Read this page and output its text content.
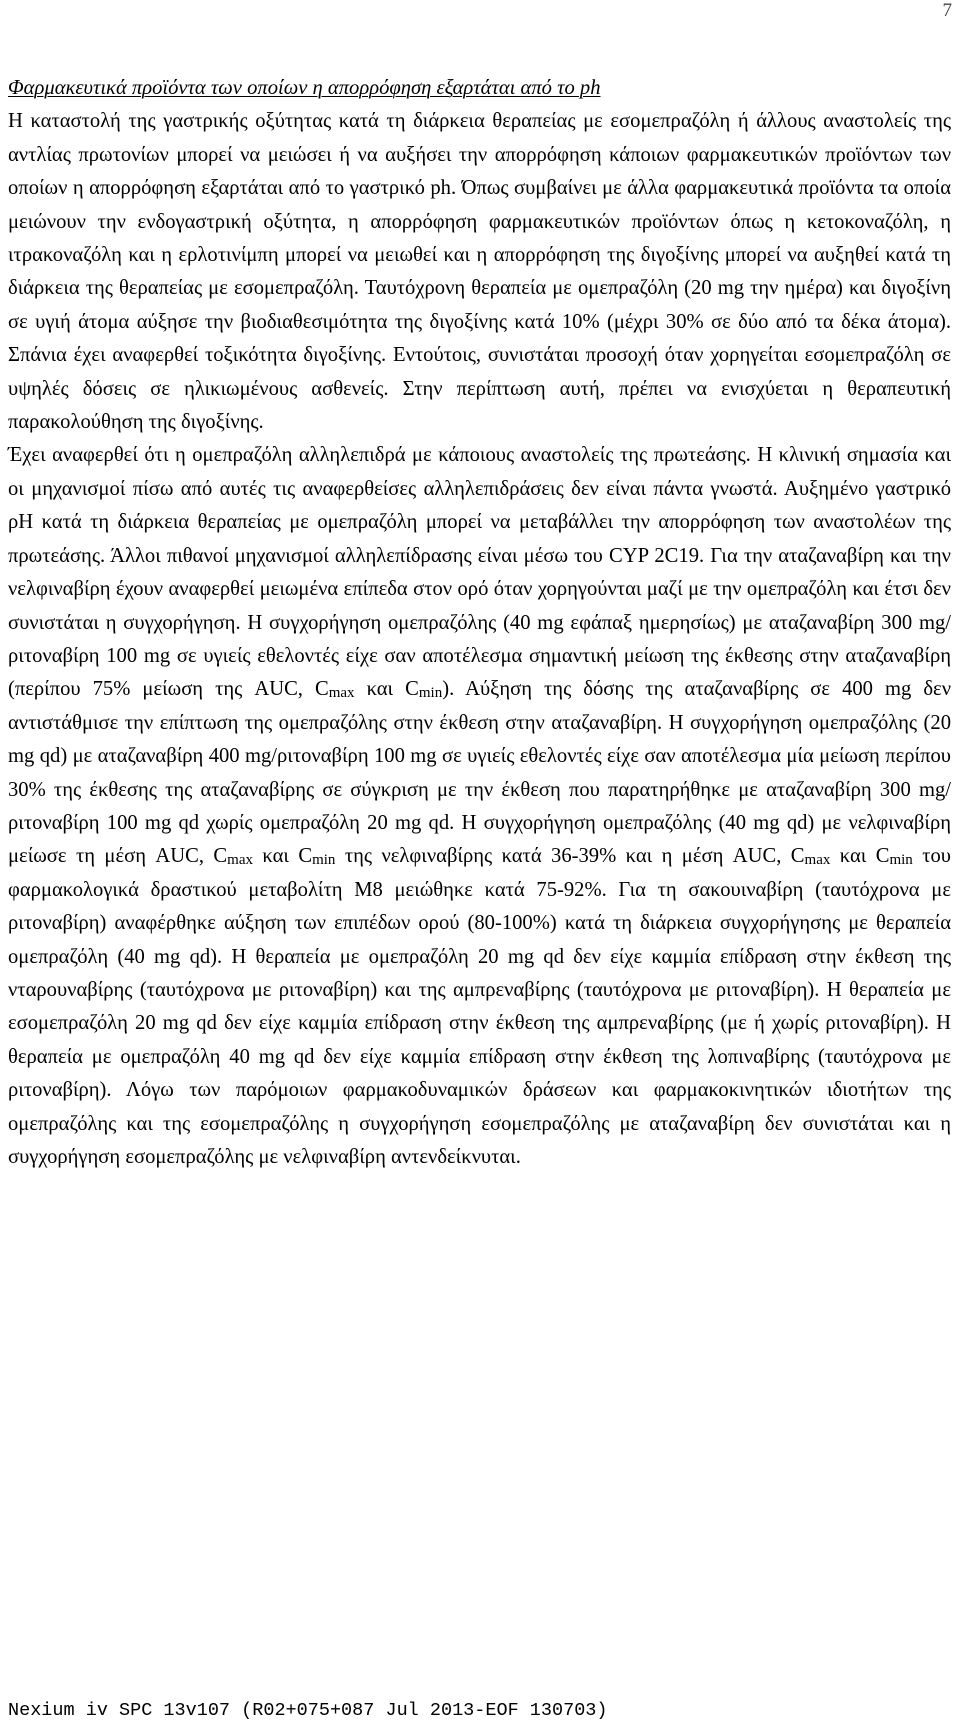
7

Φαρμακευτικά προϊόντα των οποίων η απορρόφηση εξαρτάται από το ph

Η καταστολή της γαστρικής οξύτητας κατά τη διάρκεια θεραπείας με εσομεπραζόλη ή άλλους αναστολείς της αντλίας πρωτονίων μπορεί να μειώσει ή να αυξήσει την απορρόφηση κάποιων φαρμακευτικών προϊόντων των οποίων η απορρόφηση εξαρτάται από το γαστρικό ph. Όπως συμβαίνει με άλλα φαρμακευτικά προϊόντα τα οποία μειώνουν την ενδογαστρική οξύτητα, η απορρόφηση φαρμακευτικών προϊόντων όπως η κετοκοναζόλη, η ιτρακοναζόλη και η ερλοτινίμπη μπορεί να μειωθεί και η απορρόφηση της διγοξίνης μπορεί να αυξηθεί κατά τη διάρκεια της θεραπείας με εσομεπραζόλη. Ταυτόχρονη θεραπεία με ομεπραζόλη (20 mg την ημέρα) και διγοξίνη σε υγιή άτομα αύξησε την βιοδιαθεσιμότητα της διγοξίνης κατά 10% (μέχρι 30% σε δύο από τα δέκα άτομα). Σπάνια έχει αναφερθεί τοξικότητα διγοξίνης. Εντούτοις, συνιστάται προσοχή όταν χορηγείται εσομεπραζόλη σε υψηλές δόσεις σε ηλικιωμένους ασθενείς. Στην περίπτωση αυτή, πρέπει να ενισχύεται η θεραπευτική παρακολούθηση της διγοξίνης.

Έχει αναφερθεί ότι η ομεπραζόλη αλληλεπιδρά με κάποιους αναστολείς της πρωτεάσης. Η κλινική σημασία και οι μηχανισμοί πίσω από αυτές τις αναφερθείσες αλληλεπιδράσεις δεν είναι πάντα γνωστά. Αυξημένο γαστρικό ρΗ κατά τη διάρκεια θεραπείας με ομεπραζόλη μπορεί να μεταβάλλει την απορρόφηση των αναστολέων της πρωτεάσης. Άλλοι πιθανοί μηχανισμοί αλληλεπίδρασης είναι μέσω του CYP 2C19. Για την αταζαναβίρη και την νελφιναβίρη έχουν αναφερθεί μειωμένα επίπεδα στον ορό όταν χορηγούνται μαζί με την ομεπραζόλη και έτσι δεν συνιστάται η συγχορήγηση. Η συγχορήγηση ομεπραζόλης (40 mg εφάπαξ ημερησίως) με αταζαναβίρη 300 mg/ριτοναβίρη 100 mg σε υγιείς εθελοντές είχε σαν αποτέλεσμα σημαντική μείωση της έκθεσης στην αταζαναβίρη (περίπου 75% μείωση της AUC, Cmax και Cmin). Αύξηση της δόσης της αταζαναβίρης σε 400 mg δεν αντιστάθμισε την επίπτωση της ομεπραζόλης στην έκθεση στην αταζαναβίρη. Η συγχορήγηση ομεπραζόλης (20 mg qd) με αταζαναβίρη 400 mg/ριτοναβίρη 100 mg σε υγιείς εθελοντές είχε σαν αποτέλεσμα μία μείωση περίπου 30% της έκθεσης της αταζαναβίρης σε σύγκριση με την έκθεση που παρατηρήθηκε με αταζαναβίρη 300 mg/ριτοναβίρη 100 mg qd χωρίς ομεπραζόλη 20 mg qd. Η συγχορήγηση ομεπραζόλης (40 mg qd) με νελφιναβίρη μείωσε τη μέση AUC, Cmax και Cmin της νελφιναβίρης κατά 36-39% και η μέση AUC, Cmax και Cmin του φαρμακολογικά δραστικού μεταβολίτη Μ8 μειώθηκε κατά 75-92%. Για τη σακουιναβίρη (ταυτόχρονα με ριτοναβίρη) αναφέρθηκε αύξηση των επιπέδων ορού (80-100%) κατά τη διάρκεια συγχορήγησης με θεραπεία ομεπραζόλη (40 mg qd). Η θεραπεία με ομεπραζόλη 20 mg qd δεν είχε καμμία επίδραση στην έκθεση της νταρουναβίρης (ταυτόχρονα με ριτοναβίρη) και της αμπρεναβίρης (ταυτόχρονα με ριτοναβίρη). Η θεραπεία με εσομεπραζόλη 20 mg qd δεν είχε καμμία επίδραση στην έκθεση της αμπρεναβίρης (με ή χωρίς ριτοναβίρη). Η θεραπεία με ομεπραζόλη 40 mg qd δεν είχε καμμία επίδραση στην έκθεση της λοπιναβίρης (ταυτόχρονα με ριτοναβίρη). Λόγω των παρόμοιων φαρμακοδυναμικών δράσεων και φαρμακοκινητικών ιδιοτήτων της ομεπραζόλης και της εσομεπραζόλης η συγχορήγηση εσομεπραζόλης με αταζαναβίρη δεν συνιστάται και η συγχορήγηση εσομεπραζόλης με νελφιναβίρη αντενδείκνυται.

Nexium iv SPC 13v107 (R02+075+087 Jul 2013-EOF 130703)
